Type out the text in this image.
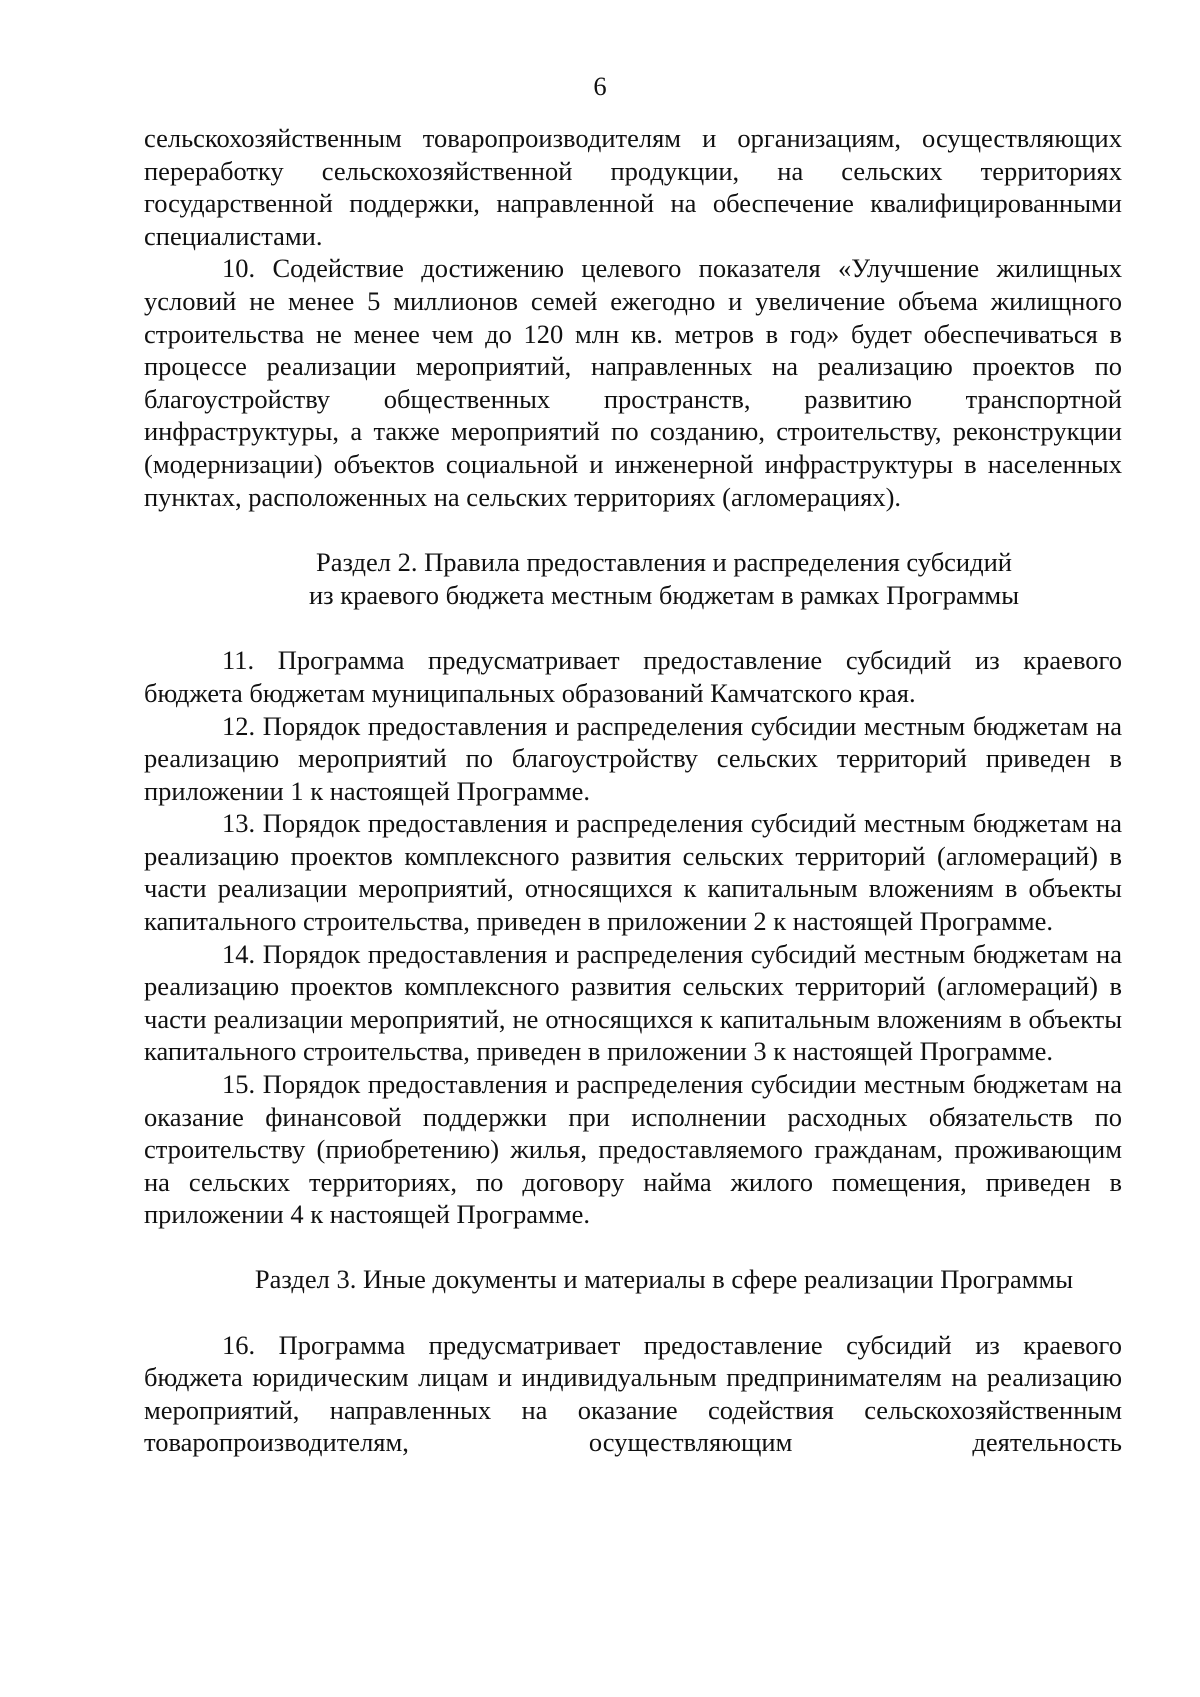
6

сельскохозяйственным товаропроизводителям и организациям, осуществляющих переработку сельскохозяйственной продукции, на сельских территориях государственной поддержки, направленной на обеспечение квалифицированными специалистами.

10. Содействие достижению целевого показателя «Улучшение жилищных условий не менее 5 миллионов семей ежегодно и увеличение объема жилищного строительства не менее чем до 120 млн кв. метров в год» будет обеспечиваться в процессе реализации мероприятий, направленных на реализацию проектов по благоустройству общественных пространств, развитию транспортной инфраструктуры, а также мероприятий по созданию, строительству, реконструкции (модернизации) объектов социальной и инженерной инфраструктуры в населенных пунктах, расположенных на сельских территориях (агломерациях).

Раздел 2. Правила предоставления и распределения субсидий
из краевого бюджета местным бюджетам в рамках Программы

11. Программа предусматривает предоставление субсидий из краевого бюджета бюджетам муниципальных образований Камчатского края.

12. Порядок предоставления и распределения субсидии местным бюджетам на реализацию мероприятий по благоустройству сельских территорий приведен в приложении 1 к настоящей Программе.

13. Порядок предоставления и распределения субсидий местным бюджетам на реализацию проектов комплексного развития сельских территорий (агломераций) в части реализации мероприятий, относящихся к капитальным вложениям в объекты капитального строительства, приведен в приложении 2 к настоящей Программе.

14. Порядок предоставления и распределения субсидий местным бюджетам на реализацию проектов комплексного развития сельских территорий (агломераций) в части реализации мероприятий, не относящихся к капитальным вложениям в объекты капитального строительства, приведен в приложении 3 к настоящей Программе.

15. Порядок предоставления и распределения субсидии местным бюджетам на оказание финансовой поддержки при исполнении расходных обязательств по строительству (приобретению) жилья, предоставляемого гражданам, проживающим на сельских территориях, по договору найма жилого помещения, приведен в приложении 4 к настоящей Программе.

Раздел 3. Иные документы и материалы в сфере реализации Программы

16. Программа предусматривает предоставление субсидий из краевого бюджета юридическим лицам и индивидуальным предпринимателям на реализацию мероприятий, направленных на оказание содействия сельскохозяйственным товаропроизводителям, осуществляющим деятельность
